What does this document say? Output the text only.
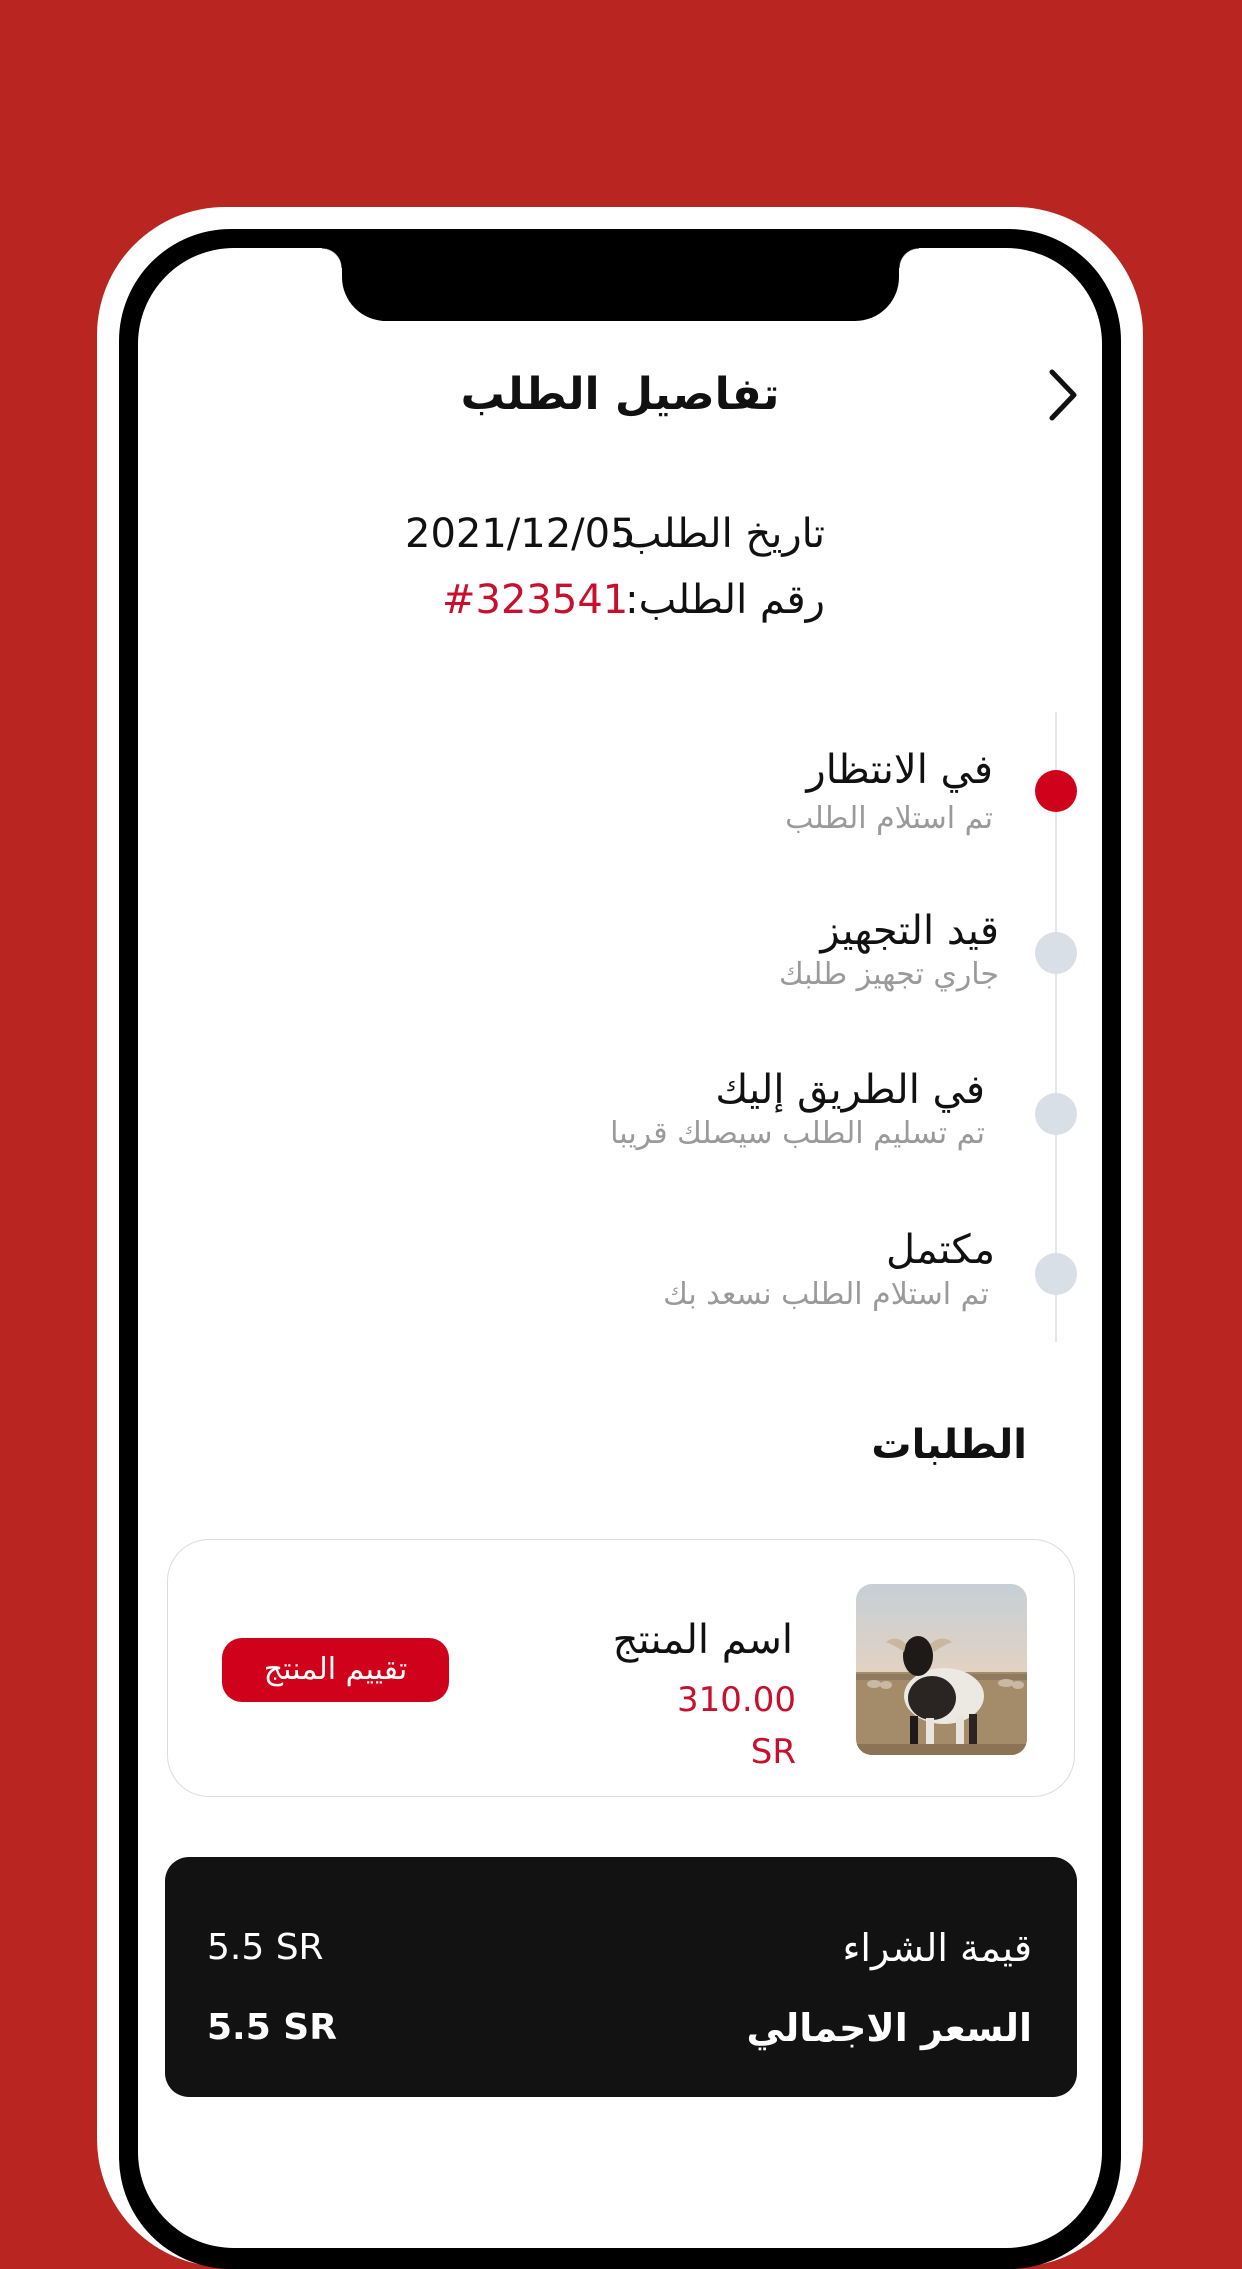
تفاصيل الطلب
تاريخ الطلب:
2021/12/05
رقم الطلب:
#323541
في الانتظار
تم استلام الطلب
قيد التجهيز
جاري تجهيز طلبك
في الطريق إليك
تم تسليم الطلب سيصلك قريبا
مكتمل
تم استلام الطلب نسعد بك
الطلبات
اسم المنتج
310.00 SR
تقييم المنتج
قيمة الشراء
5.5 SR
السعر الاجمالي
5.5 SR
